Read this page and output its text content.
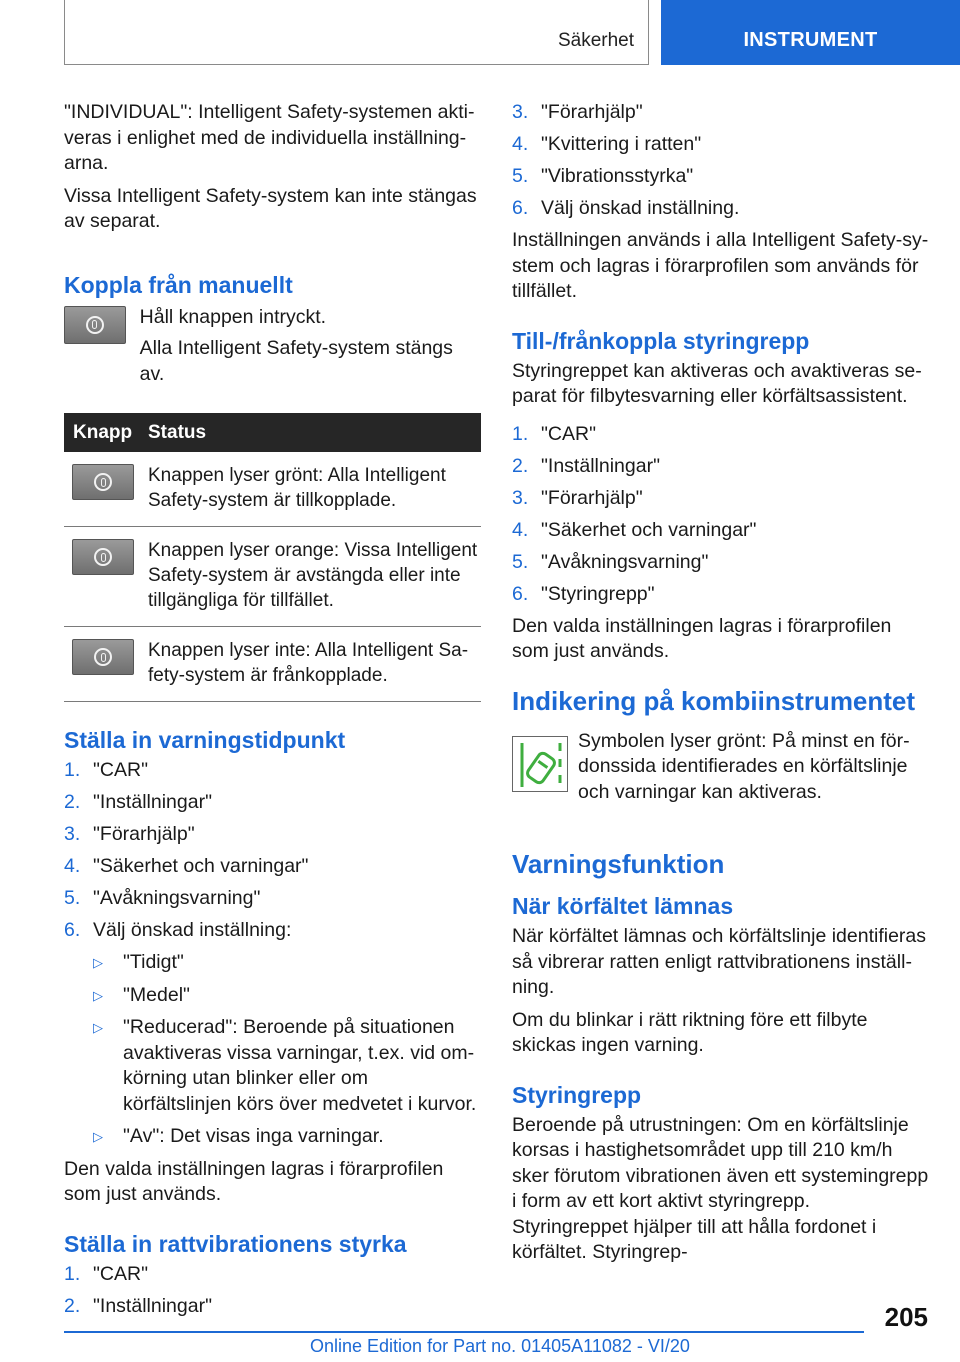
Säkerhet	INSTRUMENT

"INDIVIDUAL": Intelligent Safety-systemen aktiveras i enlighet med de individuella inställningarna.

Vissa Intelligent Safety-system kan inte stängas av separat.

Koppla från manuellt

Håll knappen intryckt.

Alla Intelligent Safety-system stängs av.

Knapp	Status

	Knappen lyser grönt: Alla Intelligent Safety-system är tillkopplade.

	Knappen lyser orange: Vissa Intelligent Safety-system är avstängda eller inte tillgängliga för tillfället.

	Knappen lyser inte: Alla Intelligent Safety-system är frånkopplade.
Ställa in varningstidpunkt
1. "CAR"
2. "Inställningar"
3. "Förarhjälp"
4. "Säkerhet och varningar"
5. "Avåkningsvarning"
6. Välj önskad inställning:
▷ "Tidigt"
▷ "Medel"
▷ "Reducerad": Beroende på situationen avaktiveras vissa varningar, t.ex. vid omkörning utan blinker eller om körfältslinjen körs över medvetet i kurvor.
▷ "Av": Det visas inga varningar.

Den valda inställningen lagras i förarprofilen som just används.

Ställa in rattvibrationens styrka
1. "CAR"
2. "Inställningar"
3. "Förarhjälp"
4. "Kvittering i ratten"
5. "Vibrationsstyrka"
6. Välj önskad inställning.

Inställningen används i alla Intelligent Safety-system och lagras i förarprofilen som används för tillfället.

Till-/frånkoppla styringrepp

Styringreppet kan aktiveras och avaktiveras separat för filbytesvarning eller körfältsassistent.

1. "CAR"
2. "Inställningar"
3. "Förarhjälp"
4. "Säkerhet och varningar"
5. "Avåkningsvarning"
6. "Styringrepp"

Den valda inställningen lagras i förarprofilen som just används.

Indikering på kombiinstrumentet

Symbolen lyser grönt: På minst en fördonssida identifierades en körfältslinje och varningar kan aktiveras.

Varningsfunktion
När körfältet lämnas

När körfältet lämnas och körfältslinje identifieras så vibrerar ratten enligt rattvibrationens inställning.

Om du blinkar i rätt riktning före ett filbyte skickas ingen varning.

Styringrepp

Beroende på utrustningen: Om en körfältslinje korsas i hastighetsområdet upp till 210 km/h sker förutom vibrationen även ett systemingrepp i form av ett kort aktivt styringrepp. Styringreppet hjälper till att hålla fordonet i körfältet. Styringrep‐

205
Online Edition for Part no. 01405A11082 - VI/20
